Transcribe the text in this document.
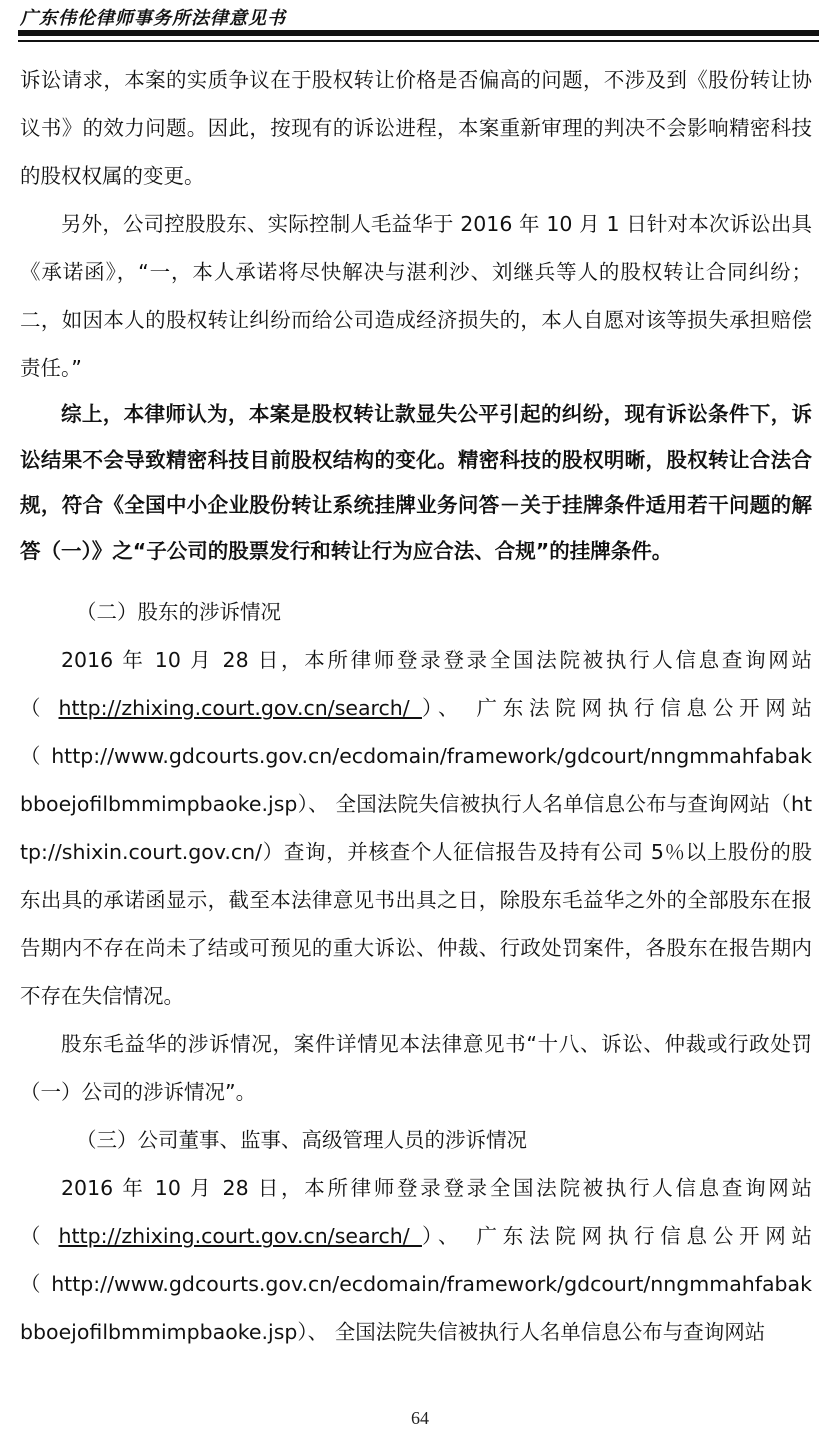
广东伟伦律师事务所法律意见书

诉讼请求，本案的实质争议在于股权转让价格是否偏高的问题，不涉及到《股份转让协议书》的效力问题。因此，按现有的诉讼进程，本案重新审理的判决不会影响精密科技的股权权属的变更。

另外，公司控股股东、实际控制人毛益华于 2016 年 10 月 1 日针对本次诉讼出具《承诺函》，“一，本人承诺将尽快解决与湛利沙、刘继兵等人的股权转让合同纠纷；二，如因本人的股权转让纠纷而给公司造成经济损失的，本人自愿对该等损失承担赔偿责任。”

综上，本律师认为，本案是股权转让款显失公平引起的纠纷，现有诉讼条件下，诉讼结果不会导致精密科技目前股权结构的变化。精密科技的股权明晰，股权转让合法合规，符合《全国中小企业股份转让系统挂牌业务问答－关于挂牌条件适用若干问题的解答（一）》之“子公司的股票发行和转让行为应合法、合规”的挂牌条件。

（二）股东的涉诉情况

2016 年 10 月 28 日，本所律师登录登录全国法院被执行人信息查询网站

（ http://zhixing.court.gov.cn/search/ ）、 广东法院网执行信息公开网站

（ http://www.gdcourts.gov.cn/ecdomain/framework/gdcourt/nngmmahfabakbboejofilbmmimpbaoke.jsp）、 全国法院失信被执行人名单信息公布与查询网站（http://shixin.court.gov.cn/）查询，并核查个人征信报告及持有公司 5％以上股份的股东出具的承诺函显示，截至本法律意见书出具之日，除股东毛益华之外的全部股东在报告期内不存在尚未了结或可预见的重大诉讼、仲裁、行政处罚案件，各股东在报告期内不存在失信情况。

股东毛益华的涉诉情况，案件详情见本法律意见书“十八、诉讼、仲裁或行政处罚（一）公司的涉诉情况”。

（三）公司董事、监事、高级管理人员的涉诉情况

2016 年 10 月 28 日，本所律师登录登录全国法院被执行人信息查询网站

（ http://zhixing.court.gov.cn/search/ ）、 广东法院网执行信息公开网站

（ http://www.gdcourts.gov.cn/ecdomain/framework/gdcourt/nngmmahfabakbboejofilbmmimpbaoke.jsp）、 全国法院失信被执行人名单信息公布与查询网站

64
